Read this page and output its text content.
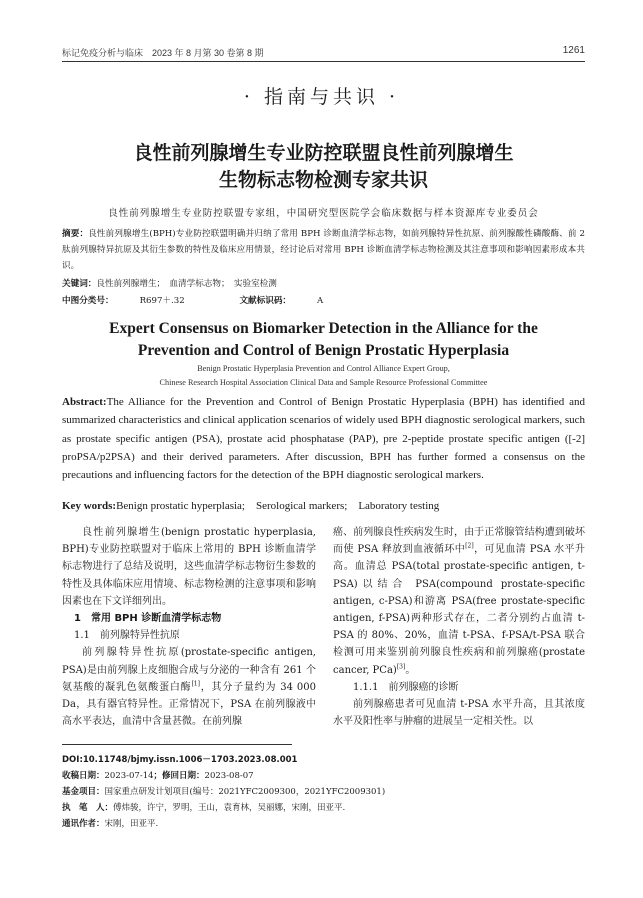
标记免疫分析与临床　2023 年 8 月第 30 卷第 8 期	1261
· 指南与共识 ·
良性前列腺增生专业防控联盟良性前列腺增生
生物标志物检测专家共识
良性前列腺增生专业防控联盟专家组，中国研究型医院学会临床数据与样本资源库专业委员会
摘要：良性前列腺增生(BPH)专业防控联盟明确并归纳了常用 BPH 诊断血清学标志物，如前列腺特异性抗原、前列腺酸性磷酸酶、前 2 肽前列腺特异抗原及其衍生参数的特性及临床应用情景，经讨论后对常用 BPH 诊断血清学标志物检测及其注意事项和影响因素形成本共识。
关键词：良性前列腺增生；　血清学标志物；　实验室检测
中图分类号：	R697＋.32	文献标识码：	A
Expert Consensus on Biomarker Detection in the Alliance for the
Prevention and Control of Benign Prostatic Hyperplasia
Benign Prostatic Hyperplasia Prevention and Control Alliance Expert Group,
Chinese Research Hospital Association Clinical Data and Sample Resource Professional Committee
Abstract:The Alliance for the Prevention and Control of Benign Prostatic Hyperplasia (BPH) has identified and summarized characteristics and clinical application scenarios of widely used BPH diagnostic serological markers, such as prostate specific antigen (PSA), prostate acid phosphatase (PAP), pre 2-peptide prostate specific antigen ([-2] proPSA/p2PSA) and their derived parameters. After discussion, BPH has further formed a consensus on the precautions and influencing factors for the detection of the BPH diagnostic serological markers.
Key words:Benign prostatic hyperplasia;　Serological markers;　Laboratory testing

良性前列腺增生(benign prostatic hyperplasia, BPH)专业防控联盟对于临床上常用的 BPH 诊断血清学标志物进行了总结及说明，这些血清学标志物衍生参数的特性及具体临床应用情境、标志物检测的注意事项和影响因素也在下文详细列出。

1　常用 BPH 诊断血清学标志物
1.1　前列腺特异性抗原

前列腺特异性抗原(prostate-specific antigen, PSA)是由前列腺上皮细胞合成与分泌的一种含有 261 个氨基酸的凝乳色氨酸蛋白酶[1]，其分子量约为 34 000 Da，具有器官特异性。正常情况下，PSA 在前列腺液中高水平表达，血清中含量甚微。在前列腺

癌、前列腺良性疾病发生时，由于正常腺管结构遭到破坏而使 PSA 释放到血液循环中[2]，可见血清 PSA 水平升高。血清总 PSA(total prostate-specific antigen, t-PSA)以结合 PSA(compound prostate-specific antigen, c-PSA)和游离 PSA(free prostate-specific antigen, f-PSA)两种形式存在，二者分别约占血清 t-PSA 的 80%、20%，血清 t-PSA、f-PSA/t-PSA 联合检测可用来鉴别前列腺良性疾病和前列腺癌(prostate cancer, PCa)[3]。

1.1.1　前列腺癌的诊断

前列腺癌患者可见血清 t-PSA 水平升高，且其浓度水平及阳性率与肿瘤的进展呈一定相关性。以

DOI:10.11748/bjmy.issn.1006－1703.2023.08.001
收稿日期：2023-07-14；修回日期：2023-08-07
基金项目：国家重点研发计划项目(编号：2021YFC2009300，2021YFC2009301)
执　笔　人：傅炜骏，许宁，罗明，王山，袁育林，吴丽娜，宋刚，田亚平.
通讯作者：宋刚，田亚平.
